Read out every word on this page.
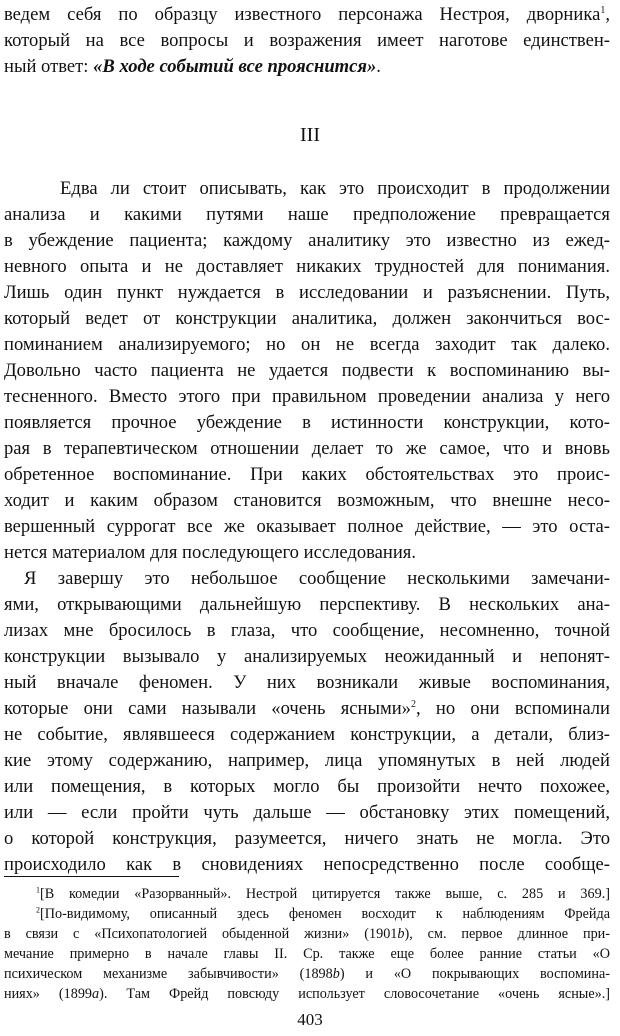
ведем себя по образцу известного персонажа Нестроя, дворника$^1$,
который на все вопросы и возражения имеет наготове единствен-
ный ответ: «В ходе событий все прояснится».
III
Едва ли стоит описывать, как это происходит в продолжении
анализа и какими путями наше предположение превращается
в убеждение пациента; каждому аналитику это известно из ежед-
невного опыта и не доставляет никаких трудностей для понимания.
Лишь один пункт нуждается в исследовании и разъяснении. Путь,
который ведет от конструкции аналитика, должен закончиться вос-
поминанием анализируемого; но он не всегда заходит так далеко.
Довольно часто пациента не удается подвести к воспоминанию вы-
тесненного. Вместо этого при правильном проведении анализа у него
появляется прочное убеждение в истинности конструкции, кото-
рая в терапевтическом отношении делает то же самое, что и вновь
обретенное воспоминание. При каких обстоятельствах это проис-
ходит и каким образом становится возможным, что внешне несо-
вершенный суррогат все же оказывает полное действие, — это оста-
нется материалом для последующего исследования.
Я завершу это небольшое сообщение несколькими замечани-
ями, открывающими дальнейшую перспективу. В нескольких ана-
лизах мне бросилось в глаза, что сообщение, несомненно, точной
конструкции вызывало у анализируемых неожиданный и непонят-
ный вначале феномен. У них возникали живые воспоминания,
которые они сами называли «очень ясными»$^2$, но они вспоминали
не событие, являвшееся содержанием конструкции, а детали, близ-
кие этому содержанию, например, лица упомянутых в ней людей
или помещения, в которых могло бы произойти нечто похожее,
или — если пройти чуть дальше — обстановку этих помещений,
о которой конструкция, разумеется, ничего знать не могла. Это
происходило как в сновидениях непосредственно после сообще-
$^1$[В комедии «Разорванный». Нестрой цитируется также выше, с. 285 и 369.]
$^2$[По-видимому, описанный здесь феномен восходит к наблюдениям Фрейда
в связи с «Психопатологией обыденной жизни» (1901b), см. первое длинное при-
мечание примерно в начале главы II. Ср. также еще более ранние статьи «О
психическом механизме забывчивости» (1898b) и «О покрывающих воспомина-
ниях» (1899a). Там Фрейд повсюду использует словосочетание «очень ясные».]
403
